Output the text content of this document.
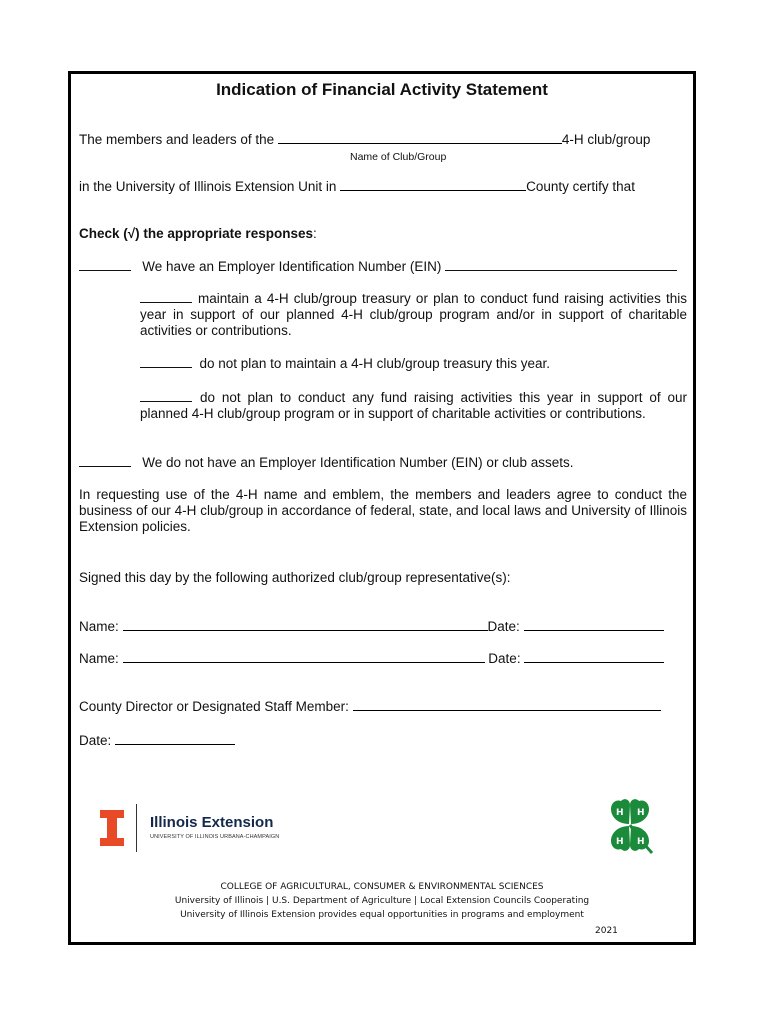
Indication of Financial Activity Statement
The members and leaders of the	4-H club/group
Name of Club/Group
in the University of Illinois Extension Unit in	County certify that
Check (√) the appropriate responses:
We have an Employer Identification Number (EIN)
maintain a 4-H club/group treasury or plan to conduct fund raising activities this year in support of our planned 4-H club/group program and/or in support of charitable activities or contributions.
do not plan to maintain a 4-H club/group treasury this year.
do not plan to conduct any fund raising activities this year in support of our planned 4-H club/group program or in support of charitable activities or contributions.
We do not have an Employer Identification Number (EIN) or club assets.
In requesting use of the 4-H name and emblem, the members and leaders agree to conduct the business of our 4-H club/group in accordance of federal, state, and local laws and University of Illinois Extension policies.
Signed this day by the following authorized club/group representative(s):
Name:	Date:
Name:	Date:
County Director or Designated Staff Member:
Date:
Illinois Extension
UNIVERSITY OF ILLINOIS URBANA-CHAMPAIGN
H H
H H
COLLEGE OF AGRICULTURAL, CONSUMER & ENVIRONMENTAL SCIENCES
University of Illinois | U.S. Department of Agriculture | Local Extension Councils Cooperating
University of Illinois Extension provides equal opportunities in programs and employment
2021
